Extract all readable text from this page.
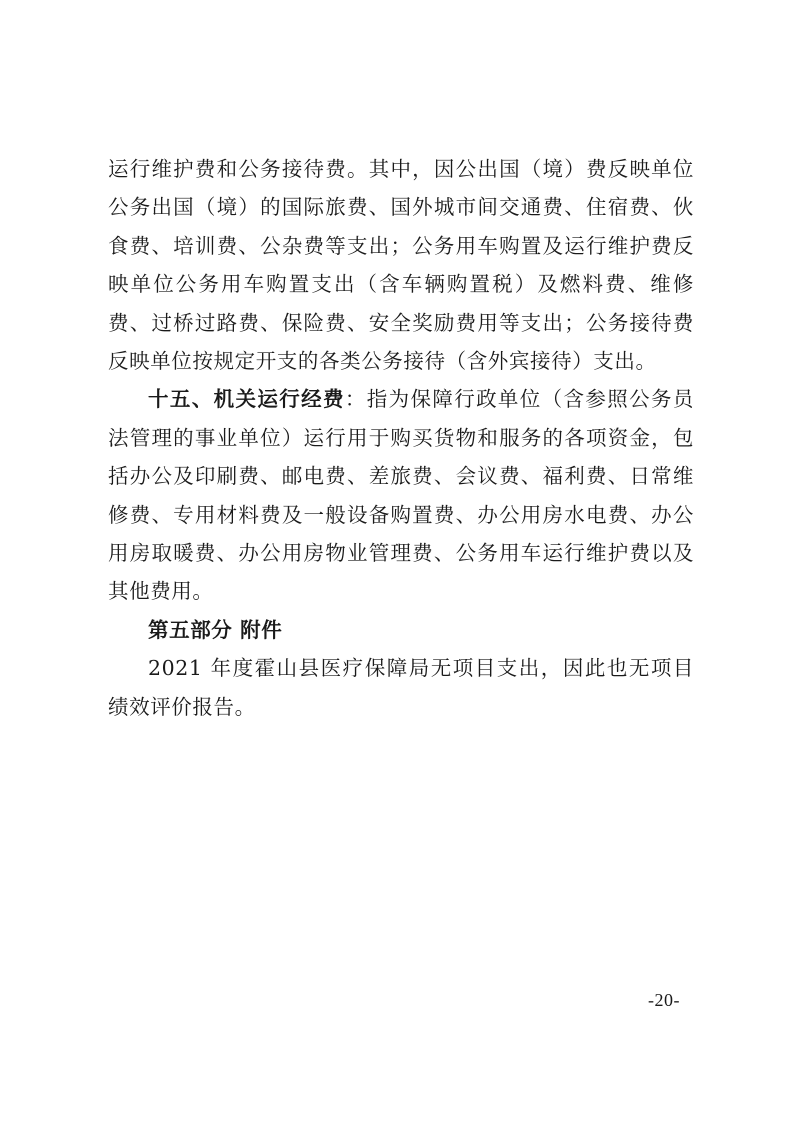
运行维护费和公务接待费。其中，因公出国（境）费反映单位公务出国（境）的国际旅费、国外城市间交通费、住宿费、伙食费、培训费、公杂费等支出；公务用车购置及运行维护费反映单位公务用车购置支出（含车辆购置税）及燃料费、维修费、过桥过路费、保险费、安全奖励费用等支出；公务接待费反映单位按规定开支的各类公务接待（含外宾接待）支出。

十五、机关运行经费：指为保障行政单位（含参照公务员法管理的事业单位）运行用于购买货物和服务的各项资金，包括办公及印刷费、邮电费、差旅费、会议费、福利费、日常维修费、专用材料费及一般设备购置费、办公用房水电费、办公用房取暖费、办公用房物业管理费、公务用车运行维护费以及其他费用。

第五部分 附件

2021 年度霍山县医疗保障局无项目支出，因此也无项目绩效评价报告。

-20-
